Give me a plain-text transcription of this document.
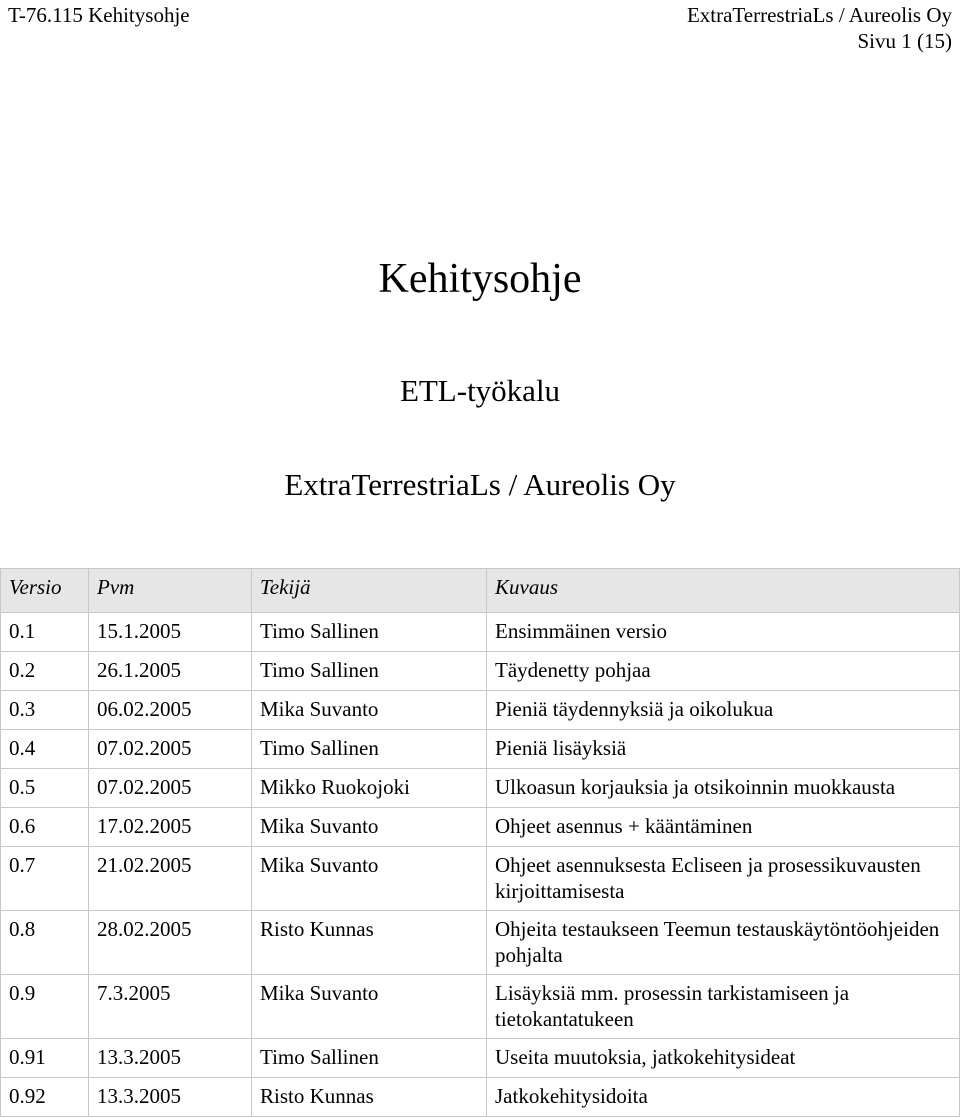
T-76.115 Kehitysohje	ExtraTerrestriaLs / Aureolis Oy
Sivu 1 (15)
Kehitysohje
ETL-työkalu
ExtraTerrestriaLs / Aureolis Oy
Versio	Pvm	Tekijä	Kuvaus
0.1	15.1.2005	Timo Sallinen	Ensimmäinen versio
0.2	26.1.2005	Timo Sallinen	Täydenetty pohjaa
0.3	06.02.2005	Mika Suvanto	Pieniä täydennyksiä ja oikolukua
0.4	07.02.2005	Timo Sallinen	Pieniä lisäyksiä
0.5	07.02.2005	Mikko Ruokojoki	Ulkoasun korjauksia ja otsikoinnin muokkausta
0.6	17.02.2005	Mika Suvanto	Ohjeet asennus + kääntäminen
0.7	21.02.2005	Mika Suvanto	Ohjeet asennuksesta Ecliseen ja prosessikuvausten kirjoittamisesta
0.8	28.02.2005	Risto Kunnas	Ohjeita testaukseen Teemun testauskäytöntöohjeiden pohjalta
0.9	7.3.2005	Mika Suvanto	Lisäyksiä mm. prosessin tarkistamiseen ja tietokantatukeen
0.91	13.3.2005	Timo Sallinen	Useita muutoksia, jatkokehitysideat
0.92	13.3.2005	Risto Kunnas	Jatkokehitysidoita
